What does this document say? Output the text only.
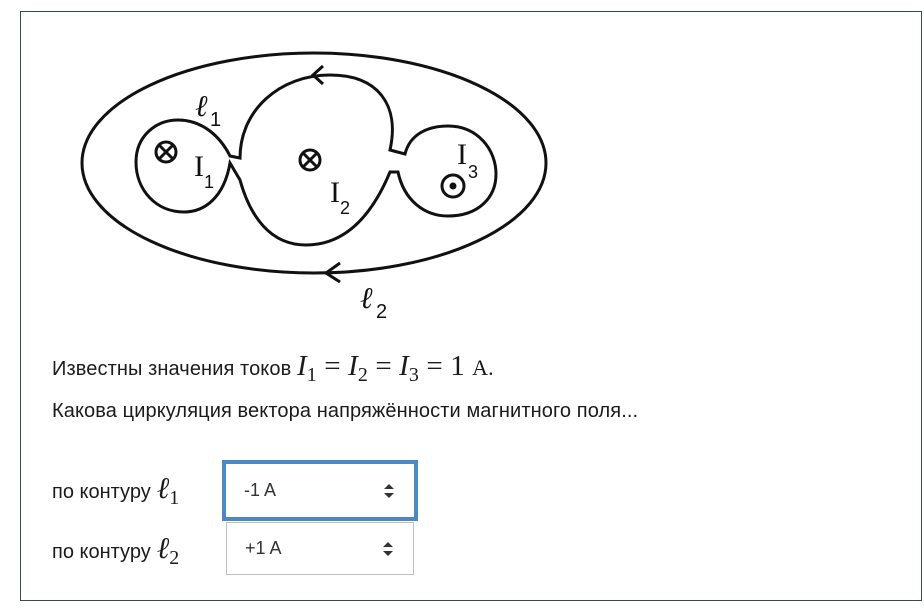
ℓ 1
ℓ 2
I 1	I 2
I
3
Известны значения токов $I_1 = I_2 = I_3 = 1$ A.
Какова циркуляция вектора напряжённости магнитного поля...
по контуру ℓ$_1$	-1 A
по контуру ℓ$_2$	+1 A
